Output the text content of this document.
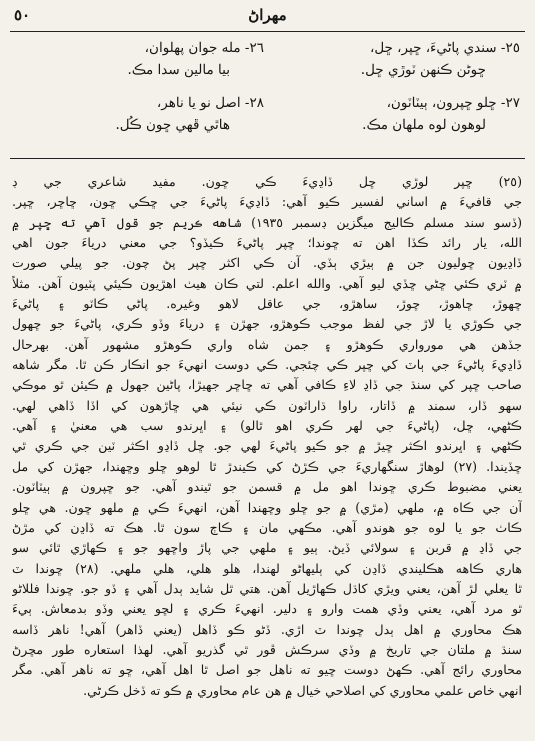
٥٠	مهراڻ
٢٥- سندي پاڻيءَ، ڇپر، ڇل،
ڇوڻن ڪنهن ٽوڙي ڇل.
٢٦- مله جوان پهلوان،
بيا مالين سدا مڪ.
٢٧- ڇلو ڇپرون، ٻيٽاٽون،
لوهون لوه ملهان مڪ.
٢٨- اصل نو يا ناهر،
هاٿي ڦهي ڇون ڪُل.

(٢٥) ڇپر لوڙي ڇل ڏاڍيءَ ڪي ڇون. مفيد شاعري جي ڊ
جي قافيءَ ۾ اساني لفسير ڪيو آهي: ڏاڍيءَ پاڻيءَ جي ڇڪي ڇون، ڇاڇر، ڇپر.
(ڏسو سند مسلم ڪاليج ميگزين ڊسمبر ١٩٣٥) شاهه ڪريم جو قول آهي ته ڇپر ۾
الله، يار رائد ڪڏا اهن ته ڇوندا؛ ڇپر پاڻيءَ ڪيڏو؟ جي معني درياءَ جون اهي
ڏاڍيون ڇوليون جن ۾ ٻيڙي ٻڏي. آن ڪي اکثر ڇپر پڻ چون. جو پيلي صورت
۾ ٽري ڪئي ڇڻي ڇڏي ليو آهي. والله اعلم. لتي ڪان هيٺ اهڙيون ڪيئي پٽيون آهن. مثلاً
ڇهوڙ، ڇاهوڙ، ڇوڙ، ساهڙو، جي عاقل لاهو وغيره. پاڻي ڪاٽو ۽ پاڻيءَ
جي ڪوڙي يا لاڙ جي لفظ موجب ڪوهڙو، جهڙن ۽ درياءَ وڏو ڪري، پاڻيءَ جو ڇهول
جڏهن هي مورواري ڪوهڙو ۽ جمن شاه واري ڪوهڙو مشهور آهن. بهرحال
ڏاڍيءَ پاڻيءَ جي ٻاٽ کي ڇپر ڪي چئجي. ڪي دوست انهيءَ جو انڪار ڪن ٿا. مگر شاهه
صاحب ڇپر کي سنڌ جي ڏاڍ لاءِ ڪافي آهي ته ڇاڇر جهيڙا، پاڻين جهول ۾ ڪيئن ٿو موڪي
سهو ڏار، سمند ۾ ڏاتار، راوا ڌاراٽون ڪي نيئي هي ڇاڙهون کي اڏا ڏاهي لهي.
ڪڻهي، ڇل، (پاڻيءَ جي لهر ڪري اهو ٿالو) ۽ اڀرندو سب هي معنيٰ ۽ آهي.
ڪڻهي ۽ اڀرندو اڪثر ڇيڙ ۾ جو ڪيو پاڻيءَ لهي جو. ڇل ڏاڍو اڪثر ٽين جي ڪري ٿي
ڇڏيندا. (٢٧) لوهاڙ سنگهاريءَ جي ڪڙڻ کي ڪيندڙ ٿا لوهو ڇلو وڇهندا، جهڙن کي مل
يعني مضبوط ڪري ڇوندا اهو مل ۾ قسمن جو ٿيندو آهي. جو ڇپرون ۾ ٻيٽاٽون.
آن جي ڪاه ۾، ملهي (مڙي) ۾ جو ڇلو وڇهندا آهن، انهيءَ ڪي ۾ ملهو ڇون. هي ڇلو
ڪاٺ جو يا لوه جو هوندو آهي. مڪهي مان ۽ ڪاڄ سون ٿا. هڪ ته ڏاڍن کي مڙڻ
جي ڏاڍ ۾ قربن ۽ سولائي ڏيڻ. ٻيو ۽ ملهي جي پاڙ واڇهو جو ۽ ڪهاڙي ٿائي سو
هاري ڪاهه هڪليندي ڏاڍن کي ٻليهاڻو لهندا، هلو هلي، هلي ملهي. (٢٨) ڇوندا ٽ
ٿا يعلي لڙ آهن، يعني ويڙي کاڌل ڪهاڙيل آهن. هتي ٿل شايد ٻدل آهي ۽ ڏو جو. ڇوندا فللاڻو
ٿو مرد آهي، يعني وڏي همت وارو ۽ دلير. انهيءَ ڪري ۽ لڇو يعني وڏو بدمعاش. ٻيءَ
هڪ محاوري ۾ اهل ٻدل ڇوندا ٽ اڙي. ڏڻو ڪو ڏاهل (يعني ڏاهر) آهي! ناهر ڏاسه
سنڌ ۾ ملتان جي تاريخ ۾ وڏي سرڪش ڦور ٿي گذريو آهي. لهذا استعاره طور مڇرڻ
محاوري رائج آهي. ڪهڻ دوست ڇيو ته ناهل جو اصل ٿا اهل آهي، ڇو ته ناهر آهي. مگر
انهي خاص علمي محاوري کي اصلاحي خيال ۾ هن عام محاوري ۾ ڪو ته ڏخل ڪرڻي.
